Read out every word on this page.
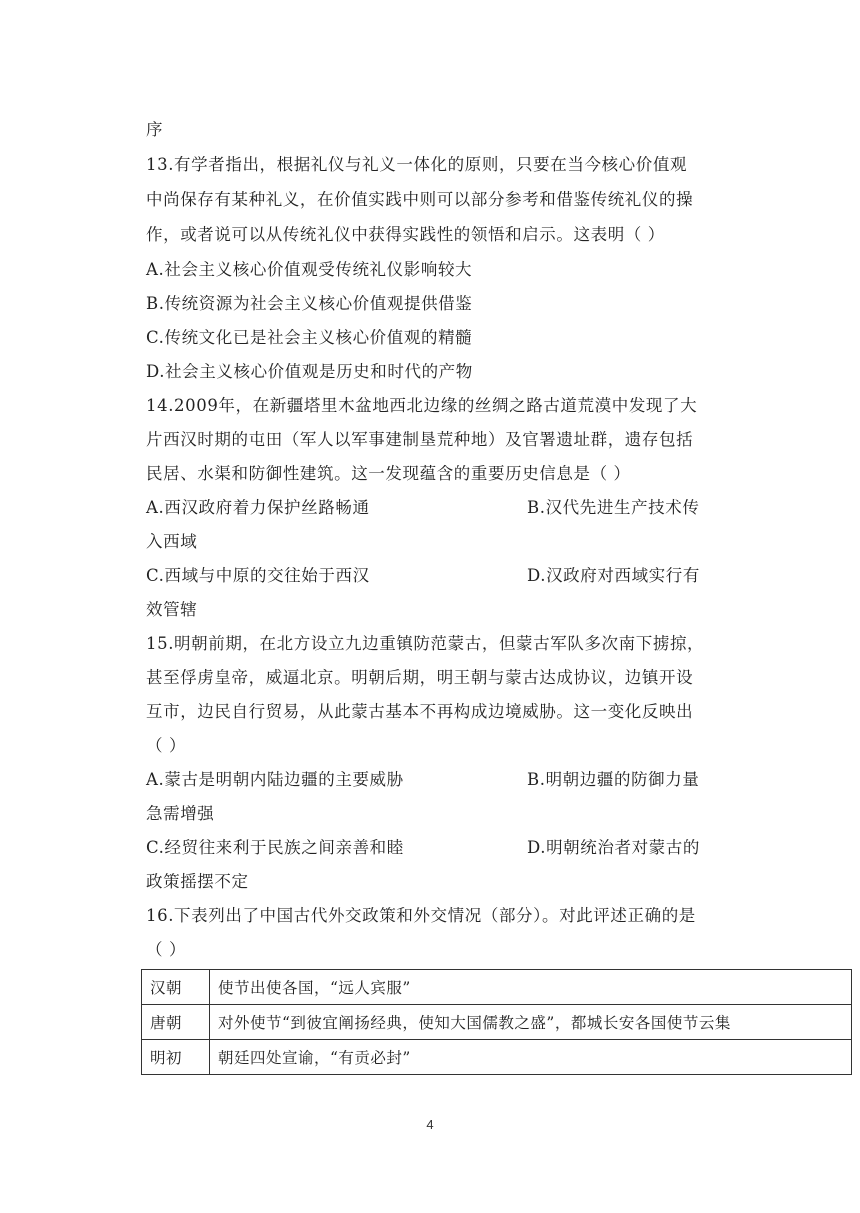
序
13.有学者指出，根据礼仪与礼义一体化的原则，只要在当今核心价值观
中尚保存有某种礼义，在价值实践中则可以部分参考和借鉴传统礼仪的操
作，或者说可以从传统礼仪中获得实践性的领悟和启示。这表明（ ）
A.社会主义核心价值观受传统礼仪影响较大
B.传统资源为社会主义核心价值观提供借鉴
C.传统文化已是社会主义核心价值观的精髓
D.社会主义核心价值观是历史和时代的产物
14.2009年，在新疆塔里木盆地西北边缘的丝绸之路古道荒漠中发现了大
片西汉时期的屯田（军人以军事建制垦荒种地）及官署遗址群，遗存包括
民居、水渠和防御性建筑。这一发现蕴含的重要历史信息是（ ）
A.西汉政府着力保护丝路畅通	B.汉代先进生产技术传
入西域
C.西域与中原的交往始于西汉	D.汉政府对西域实行有
效管辖
15.明朝前期，在北方设立九边重镇防范蒙古，但蒙古军队多次南下掳掠，
甚至俘虏皇帝，威逼北京。明朝后期，明王朝与蒙古达成协议，边镇开设
互市，边民自行贸易，从此蒙古基本不再构成边境威胁。这一变化反映出
（ ）
A.蒙古是明朝内陆边疆的主要威胁	B.明朝边疆的防御力量
急需增强
C.经贸往来利于民族之间亲善和睦	D.明朝统治者对蒙古的
政策摇摆不定
16.下表列出了中国古代外交政策和外交情况（部分）。对此评述正确的是
（ ）
汉朝	使节出使各国，“远人宾服”
唐朝	对外使节“到彼宜阐扬经典，使知大国儒教之盛”，都城长安各国使节云集
明初	朝廷四处宣谕，“有贡必封”
4
